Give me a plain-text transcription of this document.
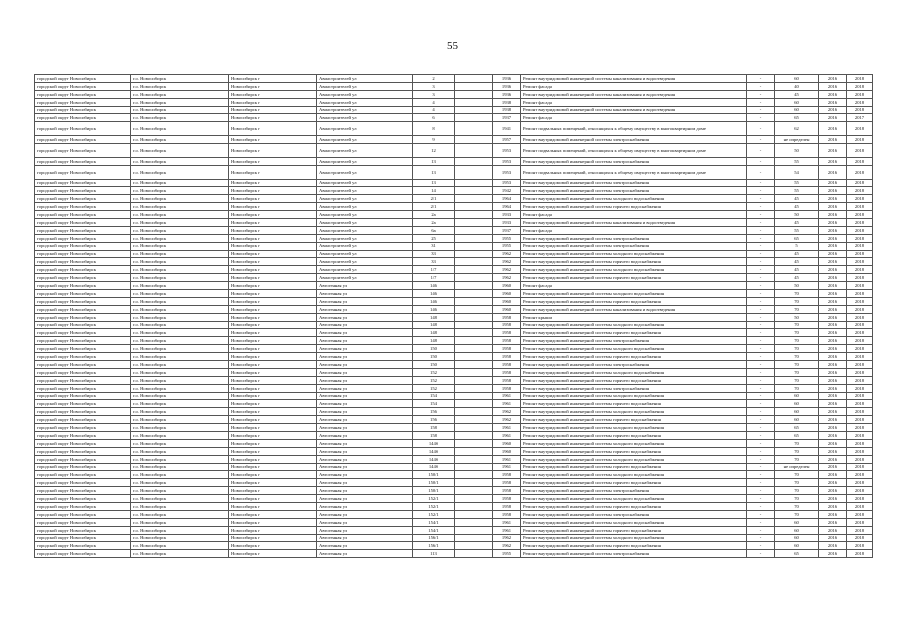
55
городской округ Новосибирск	г.о. Новосибирск	Новосибирск г	Авиастроителей ул	2		1936	Ремонт внутридомовой инженерной системы канализования и водоотведения	-	60	2016	2018
городской округ Новосибирск	г.о. Новосибирск	Новосибирск г	Авиастроителей ул	3		1936	Ремонт фасада	-	40	2016	2018
городской округ Новосибирск	г.о. Новосибирск	Новосибирск г	Авиастроителей ул	3		1936	Ремонт внутридомовой инженерной системы канализования и водоотведения	-	45	2016	2018
городской округ Новосибирск	г.о. Новосибирск	Новосибирск г	Авиастроителей ул	4		1938	Ремонт фасада	-	60	2016	2018
городской округ Новосибирск	г.о. Новосибирск	Новосибирск г	Авиастроителей ул	4		1938	Ремонт внутридомовой инженерной системы канализования и водоотведения	-	60	2016	2018
городской округ Новосибирск	г.о. Новосибирск	Новосибирск г	Авиастроителей ул	6		1937	Ремонт фасада	-	65	2016	2017
городской округ Новосибирск	г.о. Новосибирск	Новосибирск г	Авиастроителей ул	8		1941	Ремонт подвальных помещений, относящихся к общему имуществу в многоквартирном доме	-	62	2016	2018
городской округ Новосибирск	г.о. Новосибирск	Новосибирск г	Авиастроителей ул	9		1957	Ремонт внутридомовой инженерной системы электроснабжения	-	не определен	2016	2018
городской округ Новосибирск	г.о. Новосибирск	Новосибирск г	Авиастроителей ул	12		1953	Ремонт подвальных помещений, относящихся к общему имуществу в многоквартирном доме	-	50	2016	2018
городской округ Новосибирск	г.о. Новосибирск	Новосибирск г	Авиастроителей ул	13		1953	Ремонт внутридомовой инженерной системы электроснабжения	-	55	2016	2018
городской округ Новосибирск	г.о. Новосибирск	Новосибирск г	Авиастроителей ул	13		1953	Ремонт подвальных помещений, относящихся к общему имуществу в многоквартирном доме	-	54	2016	2018
городской округ Новосибирск	г.о. Новосибирск	Новосибирск г	Авиастроителей ул	13		1953	Ремонт внутридомовой инженерной системы электроснабжения	-	55	2016	2018
городской округ Новосибирск	г.о. Новосибирск	Новосибирск г	Авиастроителей ул	14		1942	Ремонт внутридомовой инженерной системы электроснабжения	-	55	2016	2018
городской округ Новосибирск	г.о. Новосибирск	Новосибирск г	Авиастроителей ул	2/1		1964	Ремонт внутридомовой инженерной системы холодного водоснабжения	-	45	2016	2018
городской округ Новосибирск	г.о. Новосибирск	Новосибирск г	Авиастроителей ул	2/1		1964	Ремонт внутридомовой инженерной системы горячего водоснабжения	-	45	2016	2018
городской округ Новосибирск	г.о. Новосибирск	Новосибирск г	Авиастроителей ул	2а		1933	Ремонт фасада	-	50	2016	2018
городской округ Новосибирск	г.о. Новосибирск	Новосибирск г	Авиастроителей ул	2а		1933	Ремонт внутридомовой инженерной системы канализования и водоотведения	-	45	2016	2018
городской округ Новосибирск	г.о. Новосибирск	Новосибирск г	Авиастроителей ул	6а		1937	Ремонт фасада	-	55	2016	2018
городской округ Новосибирск	г.о. Новосибирск	Новосибирск г	Авиастроителей ул	25		1955	Ремонт внутридомовой инженерной системы электроснабжения	-	65	2016	2018
городской округ Новосибирск	г.о. Новосибирск	Новосибирск г	Авиастроителей ул	31		1955	Ремонт внутридомовой инженерной системы электроснабжения	-	5	2016	2018
городской округ Новосибирск	г.о. Новосибирск	Новосибирск г	Авиастроителей ул	33		1962	Ремонт внутридомовой инженерной системы холодного водоснабжения	-	45	2016	2018
городской округ Новосибирск	г.о. Новосибирск	Новосибирск г	Авиастроителей ул	33		1962	Ремонт внутридомовой инженерной системы горячего водоснабжения	-	45	2016	2018
городской округ Новосибирск	г.о. Новосибирск	Новосибирск г	Авиастроителей ул	1/7		1962	Ремонт внутридомовой инженерной системы холодного водоснабжения	-	45	2016	2018
городской округ Новосибирск	г.о. Новосибирск	Новосибирск г	Авиастроителей ул	1/7		1962	Ремонт внутридомовой инженерной системы горячего водоснабжения	-	45	2016	2018
городской округ Новосибирск	г.о. Новосибирск	Новосибирск г	Автогенная ул	146		1960	Ремонт фасада	-	50	2016	2018
городской округ Новосибирск	г.о. Новосибирск	Новосибирск г	Автогенная ул	146		1960	Ремонт внутридомовой инженерной системы холодного водоснабжения	-	70	2016	2018
городской округ Новосибирск	г.о. Новосибирск	Новосибирск г	Автогенная ул	146		1960	Ремонт внутридомовой инженерной системы горячего водоснабжения	-	70	2016	2018
городской округ Новосибирск	г.о. Новосибирск	Новосибирск г	Автогенная ул	146		1960	Ремонт внутридомовой инженерной системы канализования и водоотведения	-	70	2016	2018
городской округ Новосибирск	г.о. Новосибирск	Новосибирск г	Автогенная ул	148		1958	Ремонт крыши	-	50	2016	2018
городской округ Новосибирск	г.о. Новосибирск	Новосибирск г	Автогенная ул	148		1958	Ремонт внутридомовой инженерной системы холодного водоснабжения	-	70	2016	2018
городской округ Новосибирск	г.о. Новосибирск	Новосибирск г	Автогенная ул	148		1958	Ремонт внутридомовой инженерной системы горячего водоснабжения	-	70	2016	2018
городской округ Новосибирск	г.о. Новосибирск	Новосибирск г	Автогенная ул	148		1958	Ремонт внутридомовой инженерной системы электроснабжения	-	70	2016	2018
городской округ Новосибирск	г.о. Новосибирск	Новосибирск г	Автогенная ул	150		1958	Ремонт внутридомовой инженерной системы холодного водоснабжения	-	70	2016	2018
городской округ Новосибирск	г.о. Новосибирск	Новосибирск г	Автогенная ул	150		1958	Ремонт внутридомовой инженерной системы горячего водоснабжения	-	70	2016	2018
городской округ Новосибирск	г.о. Новосибирск	Новосибирск г	Автогенная ул	150		1958	Ремонт внутридомовой инженерной системы электроснабжения	-	70	2016	2018
городской округ Новосибирск	г.о. Новосибирск	Новосибирск г	Автогенная ул	152		1958	Ремонт внутридомовой инженерной системы холодного водоснабжения	-	70	2016	2018
городской округ Новосибирск	г.о. Новосибирск	Новосибирск г	Автогенная ул	152		1958	Ремонт внутридомовой инженерной системы горячего водоснабжения	-	70	2016	2018
городской округ Новосибирск	г.о. Новосибирск	Новосибирск г	Автогенная ул	152		1958	Ремонт внутридомовой инженерной системы электроснабжения	-	70	2016	2018
городской округ Новосибирск	г.о. Новосибирск	Новосибирск г	Автогенная ул	154		1961	Ремонт внутридомовой инженерной системы холодного водоснабжения	-	60	2016	2018
городской округ Новосибирск	г.о. Новосибирск	Новосибирск г	Автогенная ул	154		1961	Ремонт внутридомовой инженерной системы горячего водоснабжения	-	60	2016	2018
городской округ Новосибирск	г.о. Новосибирск	Новосибирск г	Автогенная ул	156		1962	Ремонт внутридомовой инженерной системы холодного водоснабжения	-	60	2016	2018
городской округ Новосибирск	г.о. Новосибирск	Новосибирск г	Автогенная ул	156		1962	Ремонт внутридомовой инженерной системы горячего водоснабжения	-	60	2016	2018
городской округ Новосибирск	г.о. Новосибирск	Новосибирск г	Автогенная ул	158		1961	Ремонт внутридомовой инженерной системы холодного водоснабжения	-	65	2016	2018
городской округ Новосибирск	г.о. Новосибирск	Новосибирск г	Автогенная ул	158		1961	Ремонт внутридомовой инженерной системы горячего водоснабжения	-	65	2016	2018
городской округ Новосибирск	г.о. Новосибирск	Новосибирск г	Автогенная ул	144б		1960	Ремонт внутридомовой инженерной системы холодного водоснабжения	-	70	2016	2018
городской округ Новосибирск	г.о. Новосибирск	Новосибирск г	Автогенная ул	144б		1960	Ремонт внутридомовой инженерной системы горячего водоснабжения	-	70	2016	2018
городской округ Новосибирск	г.о. Новосибирск	Новосибирск г	Автогенная ул	144б		1961	Ремонт внутридомовой инженерной системы холодного водоснабжения	-	70	2016	2018
городской округ Новосибирск	г.о. Новосибирск	Новосибирск г	Автогенная ул	144б		1961	Ремонт внутридомовой инженерной системы горячего водоснабжения	-	не определен	2016	2018
городской округ Новосибирск	г.о. Новосибирск	Новосибирск г	Автогенная ул	150/1		1958	Ремонт внутридомовой инженерной системы холодного водоснабжения	-	70	2016	2018
городской округ Новосибирск	г.о. Новосибирск	Новосибирск г	Автогенная ул	150/1		1958	Ремонт внутридомовой инженерной системы горячего водоснабжения	-	70	2016	2018
городской округ Новосибирск	г.о. Новосибирск	Новосибирск г	Автогенная ул	150/1		1958	Ремонт внутридомовой инженерной системы электроснабжения	-	70	2016	2018
городской округ Новосибирск	г.о. Новосибирск	Новосибирск г	Автогенная ул	152/1		1958	Ремонт внутридомовой инженерной системы холодного водоснабжения	-	70	2016	2018
городской округ Новосибирск	г.о. Новосибирск	Новосибирск г	Автогенная ул	152/1		1958	Ремонт внутридомовой инженерной системы горячего водоснабжения	-	70	2016	2018
городской округ Новосибирск	г.о. Новосибирск	Новосибирск г	Автогенная ул	152/1		1958	Ремонт внутридомовой инженерной системы электроснабжения	-	70	2016	2018
городской округ Новосибирск	г.о. Новосибирск	Новосибирск г	Автогенная ул	154/1		1961	Ремонт внутридомовой инженерной системы холодного водоснабжения	-	60	2016	2018
городской округ Новосибирск	г.о. Новосибирск	Новосибирск г	Автогенная ул	154/1		1961	Ремонт внутридомовой инженерной системы горячего водоснабжения	-	60	2016	2018
городской округ Новосибирск	г.о. Новосибирск	Новосибирск г	Автогенная ул	156/1		1962	Ремонт внутридомовой инженерной системы холодного водоснабжения	-	60	2016	2018
городской округ Новосибирск	г.о. Новосибирск	Новосибирск г	Автогенная ул	156/1		1962	Ремонт внутридомовой инженерной системы горячего водоснабжения	-	60	2016	2018
городской округ Новосибирск	г.о. Новосибирск	Новосибирск г	Автогенная ул	113		1955	Ремонт внутридомовой инженерной системы электроснабжения	-	65	2016	2018
